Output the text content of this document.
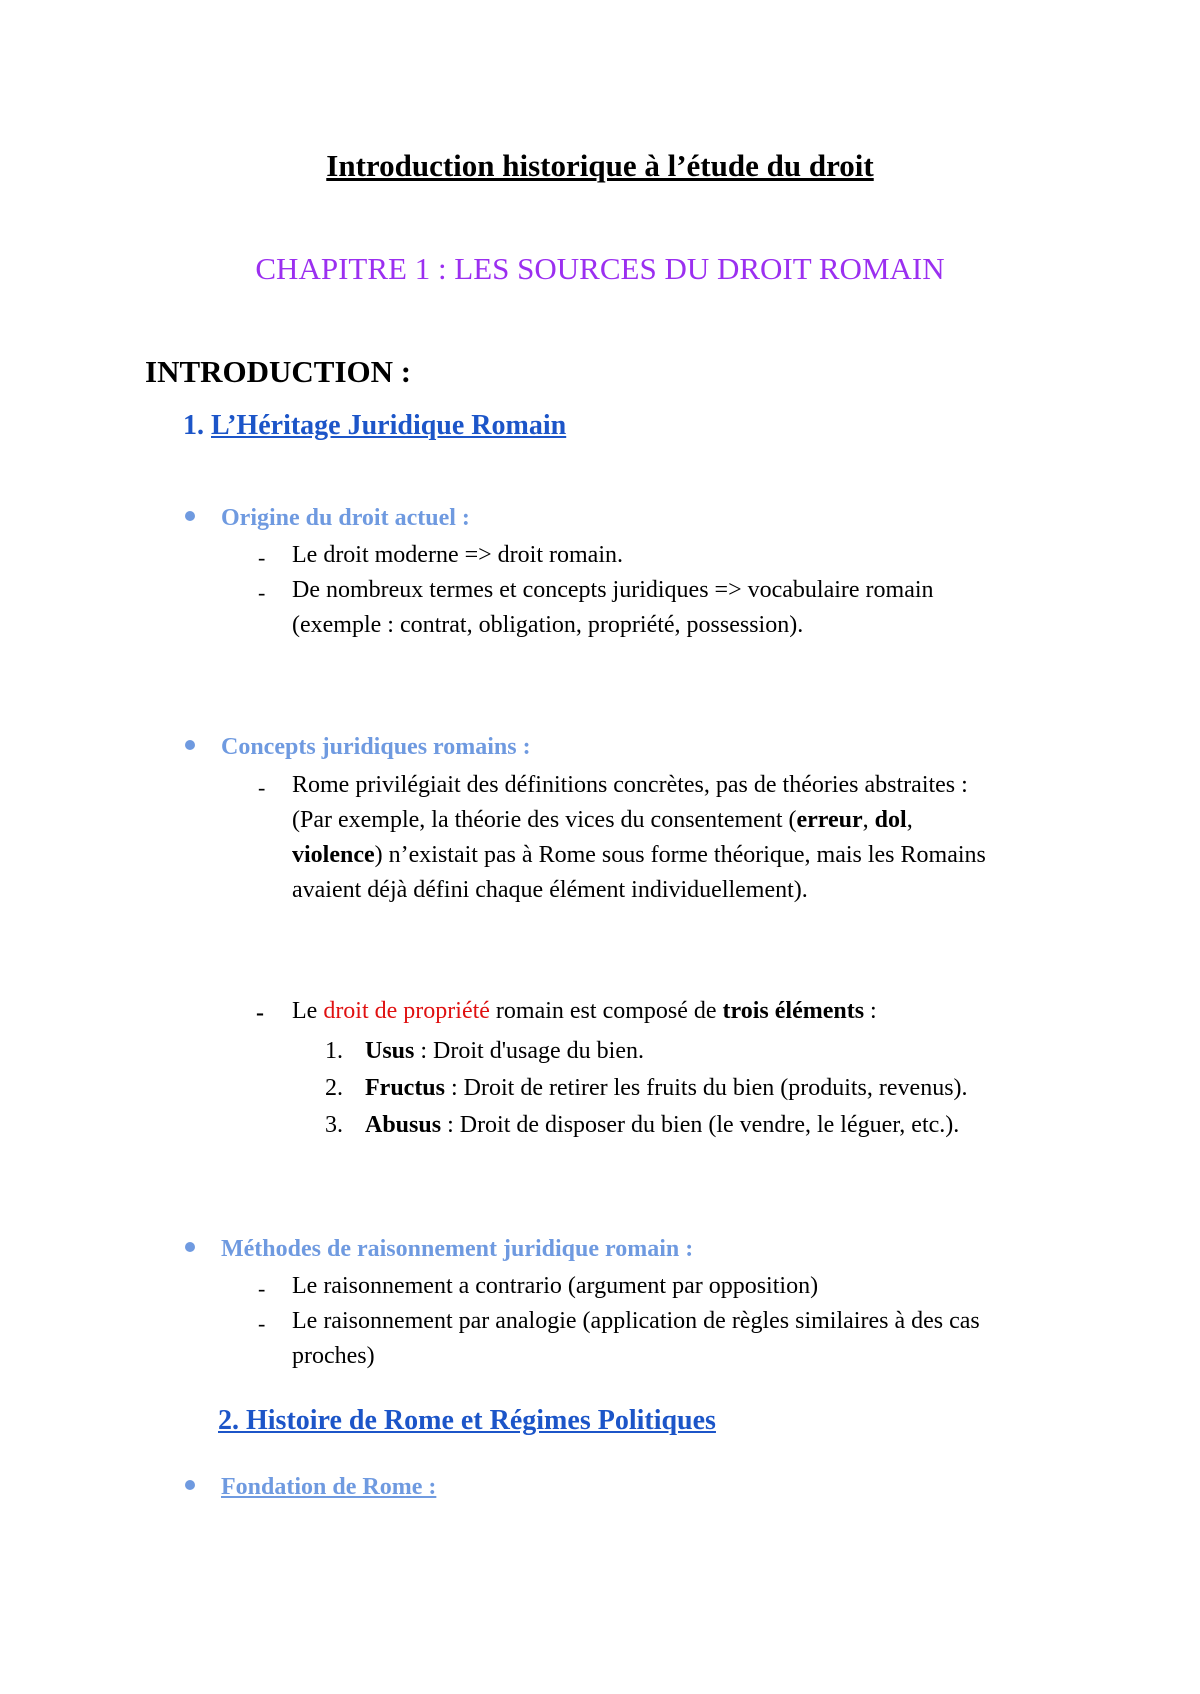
Introduction historique à l’étude du droit
CHAPITRE 1 : LES SOURCES DU DROIT ROMAIN
INTRODUCTION :
1. L’Héritage Juridique Romain
Origine du droit actuel :
- Le droit moderne => droit romain.
- De nombreux termes et concepts juridiques => vocabulaire romain
(exemple : contrat, obligation, propriété, possession).
Concepts juridiques romains :
- Rome privilégiait des définitions concrètes, pas de théories abstraites :
(Par exemple, la théorie des vices du consentement (erreur, dol,
violence) n’existait pas à Rome sous forme théorique, mais les Romains
avaient déjà défini chaque élément individuellement).
- Le droit de propriété romain est composé de trois éléments :
1. Usus : Droit d'usage du bien.
2. Fructus : Droit de retirer les fruits du bien (produits, revenus).
3. Abusus : Droit de disposer du bien (le vendre, le léguer, etc.).
Méthodes de raisonnement juridique romain :
- Le raisonnement a contrario (argument par opposition)
- Le raisonnement par analogie (application de règles similaires à des cas
proches)
2. Histoire de Rome et Régimes Politiques
Fondation de Rome :
